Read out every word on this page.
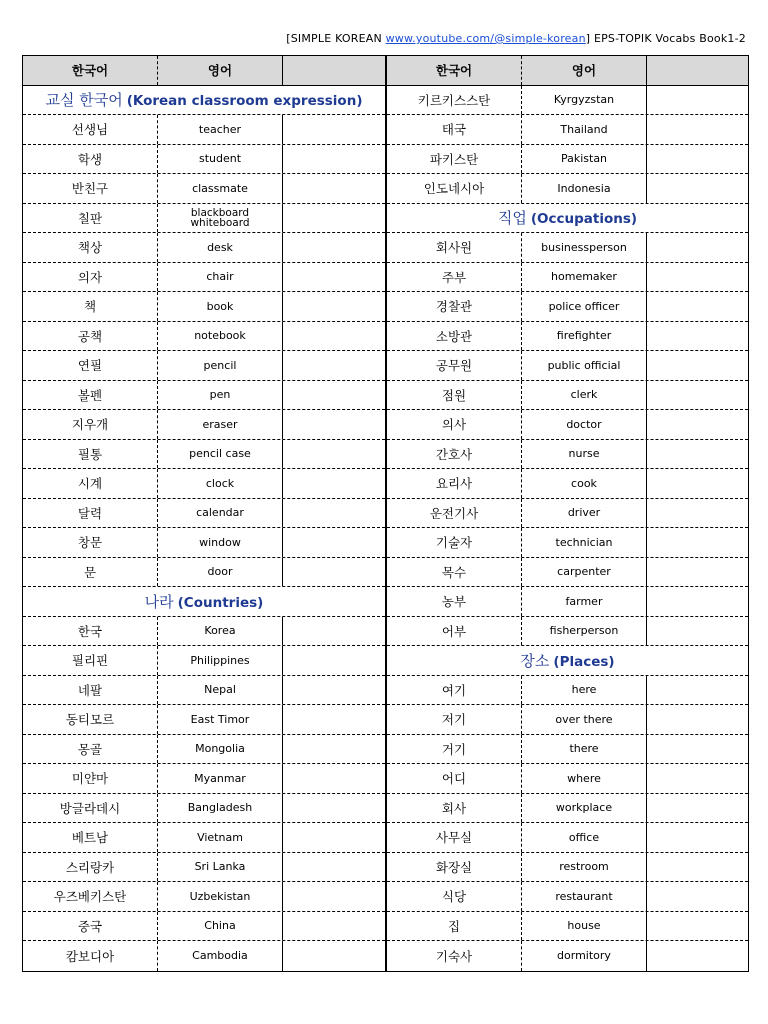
[SIMPLE KOREAN www.youtube.com/@simple-korean] EPS-TOPIK Vocabs Book1-2
한국어	영어
교실 한국어 (Korean classroom expression)
선생님	teacher
학생	student
반친구	classmate
칠판	blackboard
whiteboard
책상	desk
의자	chair
책	book
공책	notebook
연필	pencil
볼펜	pen
지우개	eraser
필통	pencil case
시계	clock
달력	calendar
창문	window
문	door
나라 (Countries)
한국	Korea
필리핀	Philippines
네팔	Nepal
동티모르	East Timor
몽골	Mongolia
미얀마	Myanmar
방글라데시	Bangladesh
베트남	Vietnam
스리랑카	Sri Lanka
우즈베키스탄	Uzbekistan
중국	China
캄보디아	Cambodia
한국어	영어
키르키스스탄	Kyrgyzstan
태국	Thailand
파키스탄	Pakistan
인도네시아	Indonesia
직업 (Occupations)
회사원	businessperson
주부	homemaker
경찰관	police officer
소방관	firefighter
공무원	public official
점원	clerk
의사	doctor
간호사	nurse
요리사	cook
운전기사	driver
기술자	technician
목수	carpenter
농부	farmer
어부	fisherperson
장소 (Places)
여기	here
저기	over there
거기	there
어디	where
회사	workplace
사무실	office
화장실	restroom
식당	restaurant
집	house
기숙사	dormitory
